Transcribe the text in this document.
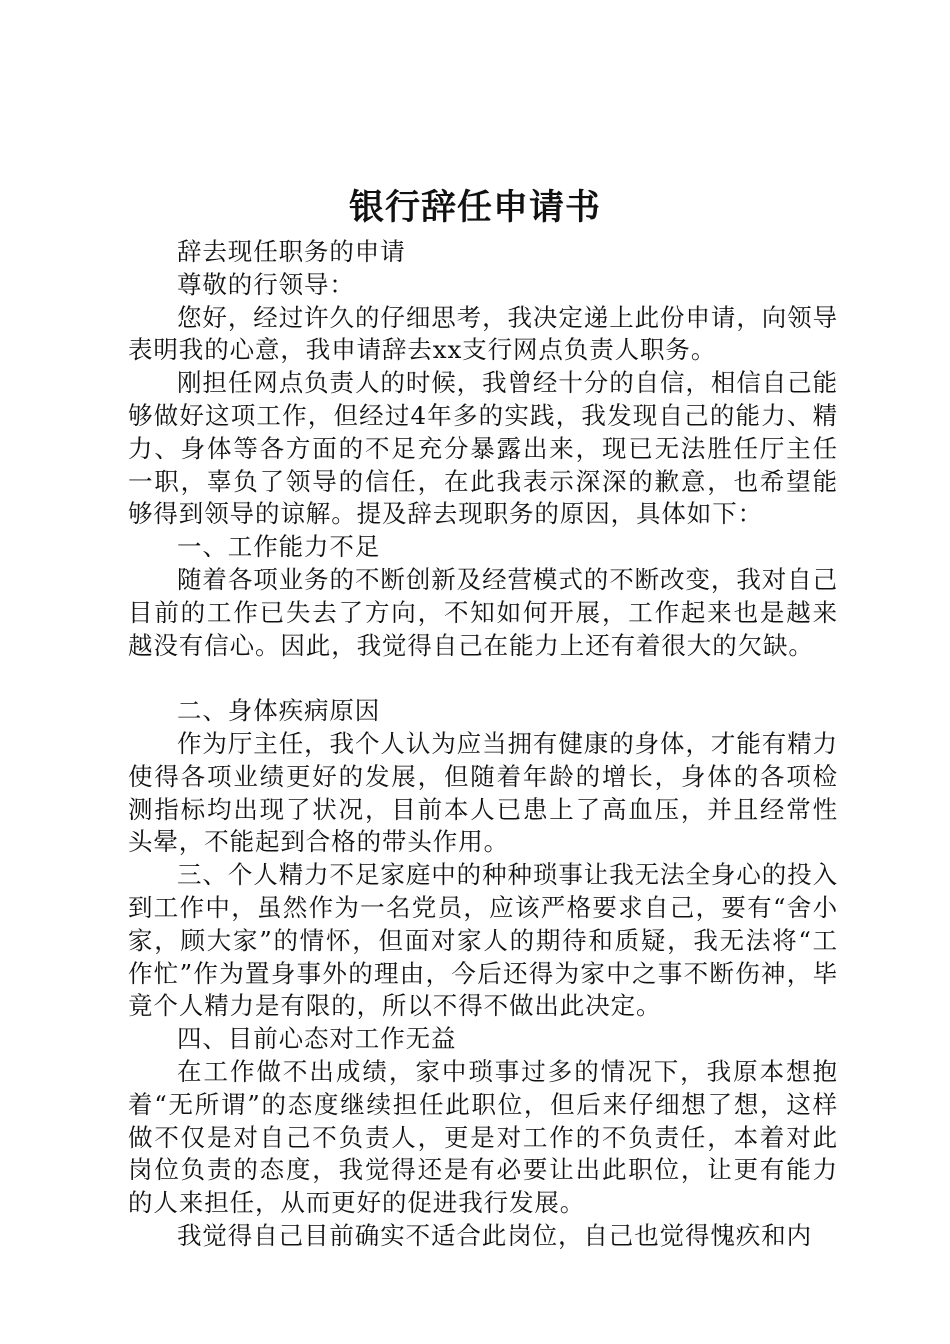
银行辞任申请书

辞去现任职务的申请

尊敬的行领导：

您好，经过许久的仔细思考，我决定递上此份申请，向领导表明我的心意，我申请辞去xx支行网点负责人职务。

刚担任网点负责人的时候，我曾经十分的自信，相信自己能够做好这项工作，但经过4年多的实践，我发现自己的能力、精力、身体等各方面的不足充分暴露出来，现已无法胜任厅主任一职，辜负了领导的信任，在此我表示深深的歉意，也希望能够得到领导的谅解。提及辞去现职务的原因，具体如下：

一、工作能力不足

随着各项业务的不断创新及经营模式的不断改变，我对自己目前的工作已失去了方向，不知如何开展，工作起来也是越来越没有信心。因此，我觉得自己在能力上还有着很大的欠缺。

二、身体疾病原因

作为厅主任，我个人认为应当拥有健康的身体，才能有精力使得各项业绩更好的发展，但随着年龄的增长，身体的各项检测指标均出现了状况，目前本人已患上了高血压，并且经常性头晕，不能起到合格的带头作用。

三、个人精力不足家庭中的种种琐事让我无法全身心的投入到工作中，虽然作为一名党员，应该严格要求自己，要有“舍小家，顾大家”的情怀，但面对家人的期待和质疑，我无法将“工作忙”作为置身事外的理由，今后还得为家中之事不断伤神，毕竟个人精力是有限的，所以不得不做出此决定。

四、目前心态对工作无益

在工作做不出成绩，家中琐事过多的情况下，我原本想抱着“无所谓”的态度继续担任此职位，但后来仔细想了想，这样做不仅是对自己不负责人，更是对工作的不负责任，本着对此岗位负责的态度，我觉得还是有必要让出此职位，让更有能力的人来担任，从而更好的促进我行发展。

我觉得自己目前确实不适合此岗位，自己也觉得愧疚和内
